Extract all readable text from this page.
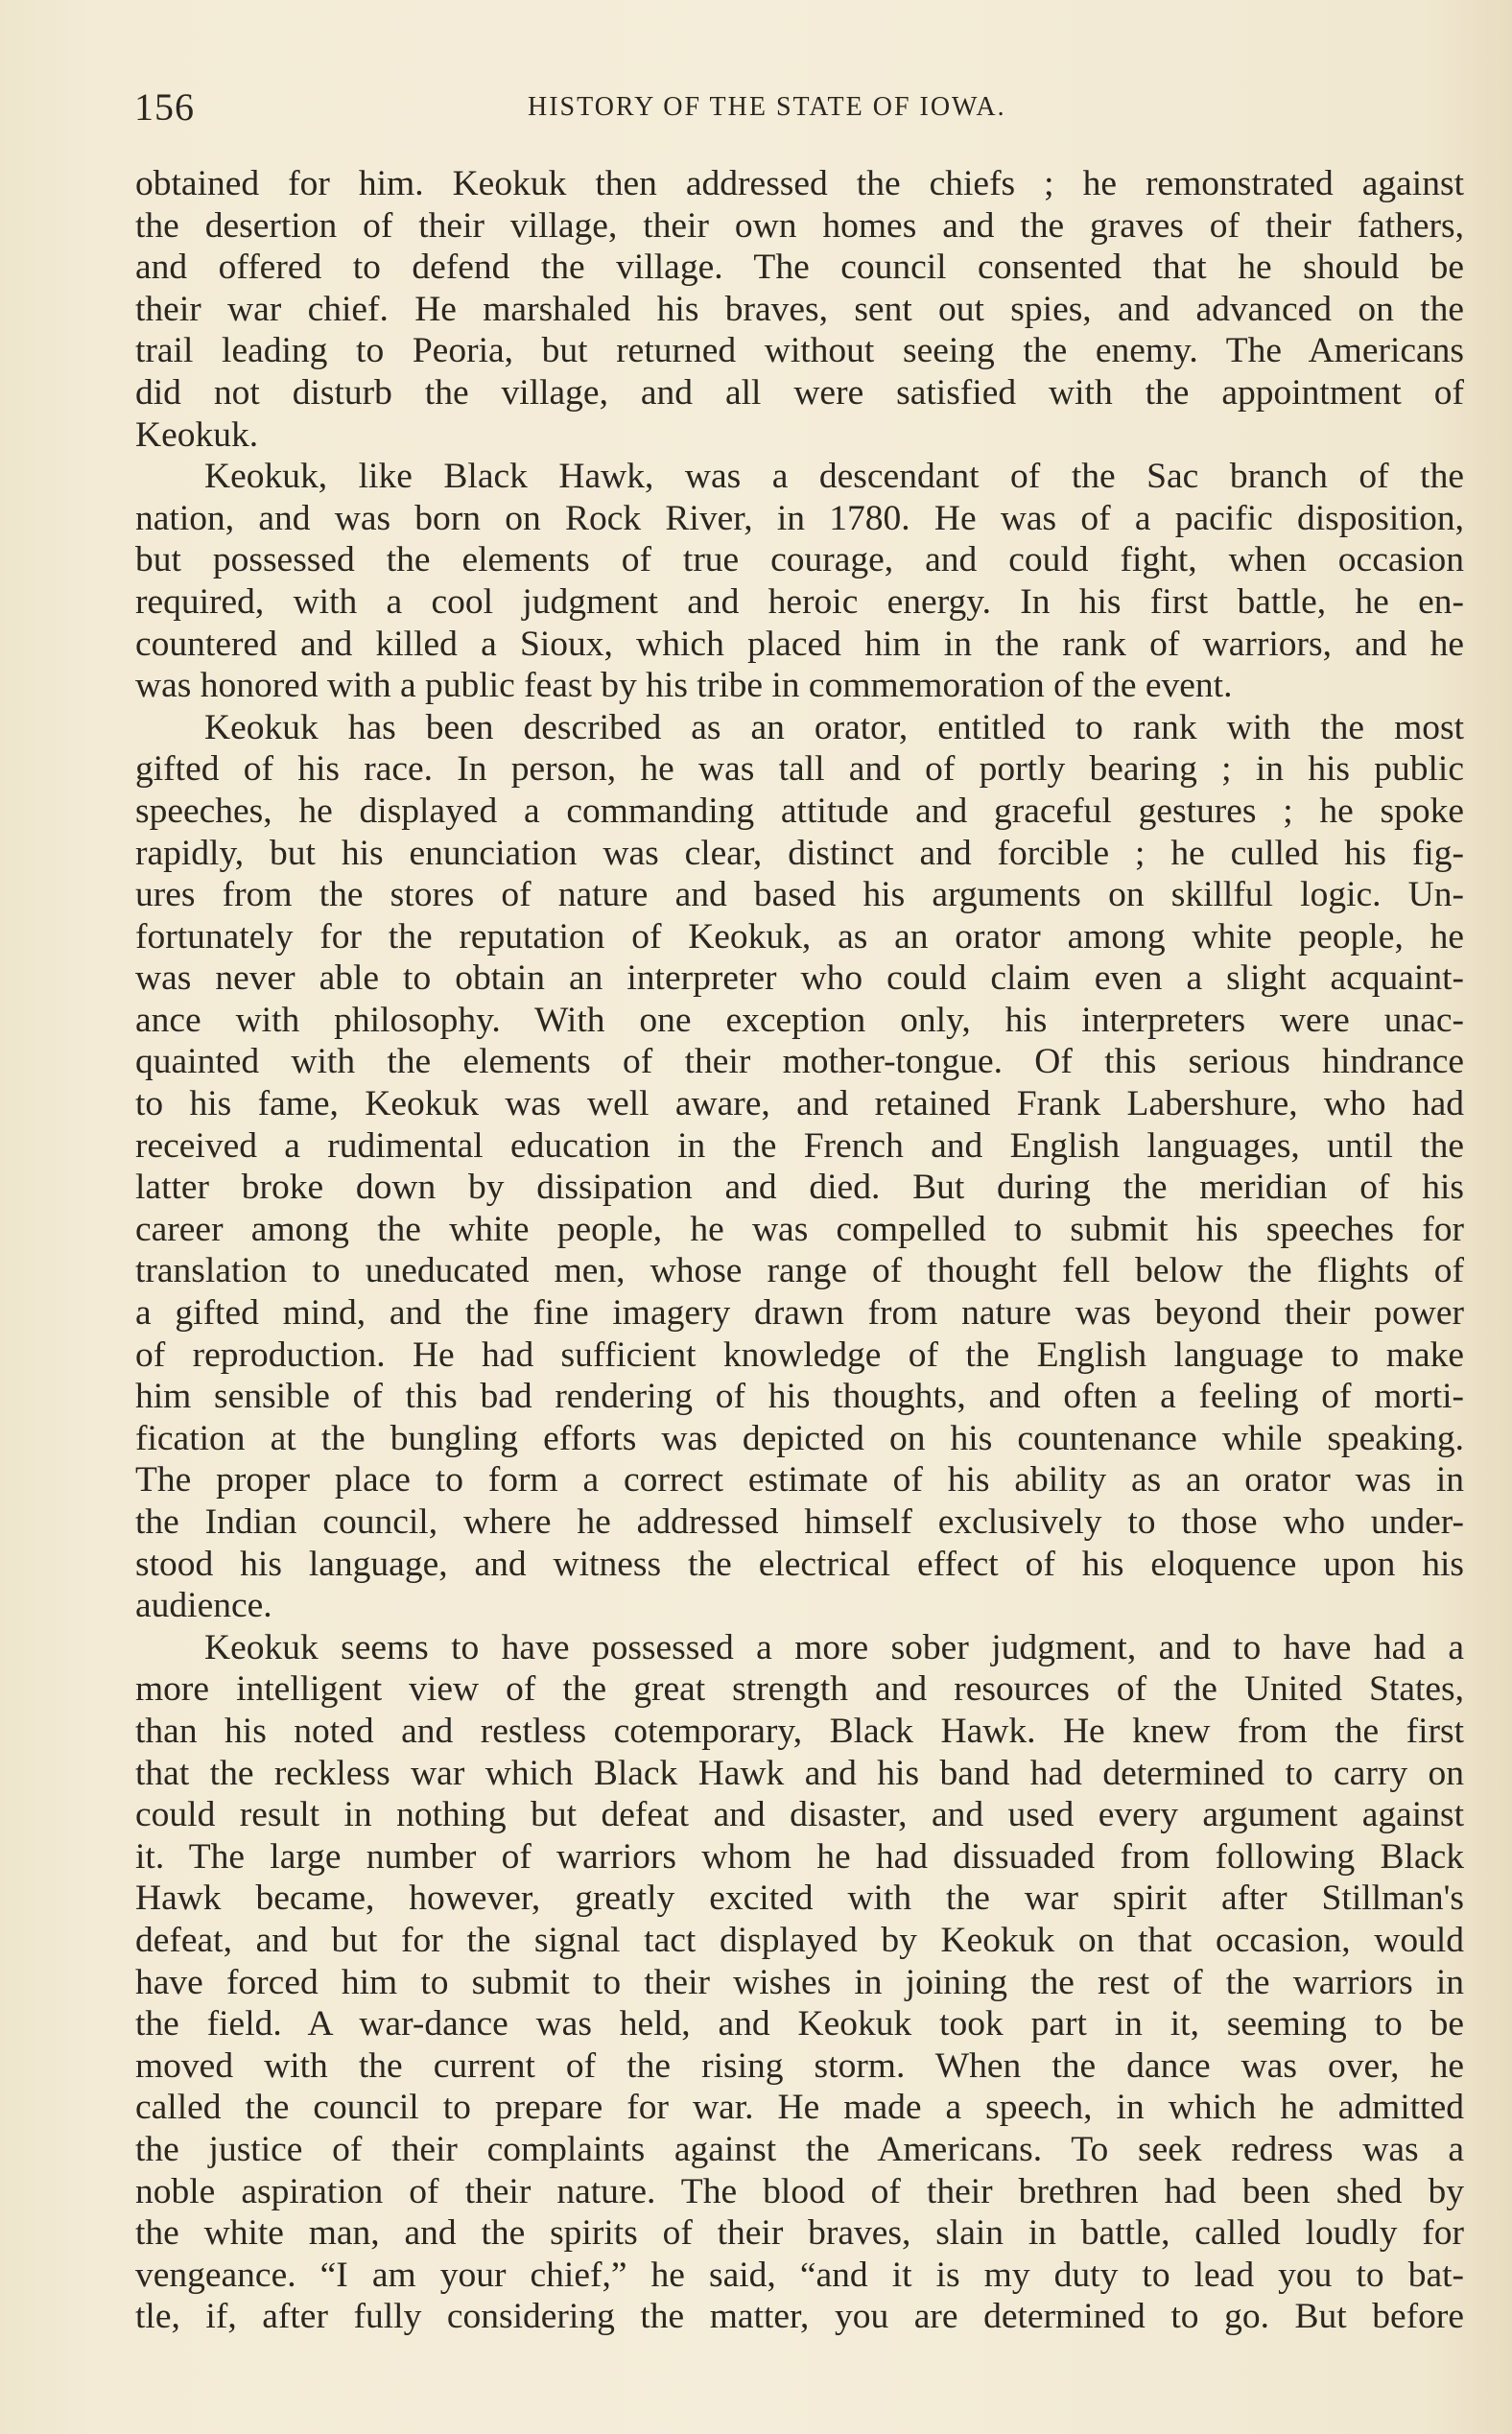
156	HISTORY OF THE STATE OF IOWA.
obtained for him. Keokuk then addressed the chiefs ; he remonstrated against
the desertion of their village, their own homes and the graves of their fathers,
and offered to defend the village. The council consented that he should be
their war chief. He marshaled his braves, sent out spies, and advanced on the
trail leading to Peoria, but returned without seeing the enemy. The Americans
did not disturb the village, and all were satisfied with the appointment of
Keokuk.
Keokuk, like Black Hawk, was a descendant of the Sac branch of the
nation, and was born on Rock River, in 1780. He was of a pacific disposition,
but possessed the elements of true courage, and could fight, when occasion
required, with a cool judgment and heroic energy. In his first battle, he en-
countered and killed a Sioux, which placed him in the rank of warriors, and he
was honored with a public feast by his tribe in commemoration of the event.
Keokuk has been described as an orator, entitled to rank with the most
gifted of his race. In person, he was tall and of portly bearing ; in his public
speeches, he displayed a commanding attitude and graceful gestures ; he spoke
rapidly, but his enunciation was clear, distinct and forcible ; he culled his fig-
ures from the stores of nature and based his arguments on skillful logic. Un-
fortunately for the reputation of Keokuk, as an orator among white people, he
was never able to obtain an interpreter who could claim even a slight acquaint-
ance with philosophy. With one exception only, his interpreters were unac-
quainted with the elements of their mother-tongue. Of this serious hindrance
to his fame, Keokuk was well aware, and retained Frank Labershure, who had
received a rudimental education in the French and English languages, until the
latter broke down by dissipation and died. But during the meridian of his
career among the white people, he was compelled to submit his speeches for
translation to uneducated men, whose range of thought fell below the flights of
a gifted mind, and the fine imagery drawn from nature was beyond their power
of reproduction. He had sufficient knowledge of the English language to make
him sensible of this bad rendering of his thoughts, and often a feeling of morti-
fication at the bungling efforts was depicted on his countenance while speaking.
The proper place to form a correct estimate of his ability as an orator was in
the Indian council, where he addressed himself exclusively to those who under-
stood his language, and witness the electrical effect of his eloquence upon his
audience.
Keokuk seems to have possessed a more sober judgment, and to have had a
more intelligent view of the great strength and resources of the United States,
than his noted and restless cotemporary, Black Hawk. He knew from the first
that the reckless war which Black Hawk and his band had determined to carry on
could result in nothing but defeat and disaster, and used every argument against
it. The large number of warriors whom he had dissuaded from following Black
Hawk became, however, greatly excited with the war spirit after Stillman's
defeat, and but for the signal tact displayed by Keokuk on that occasion, would
have forced him to submit to their wishes in joining the rest of the warriors in
the field. A war-dance was held, and Keokuk took part in it, seeming to be
moved with the current of the rising storm. When the dance was over, he
called the council to prepare for war. He made a speech, in which he admitted
the justice of their complaints against the Americans. To seek redress was a
noble aspiration of their nature. The blood of their brethren had been shed by
the white man, and the spirits of their braves, slain in battle, called loudly for
vengeance. “I am your chief,” he said, “and it is my duty to lead you to bat-
tle, if, after fully considering the matter, you are determined to go. But before
